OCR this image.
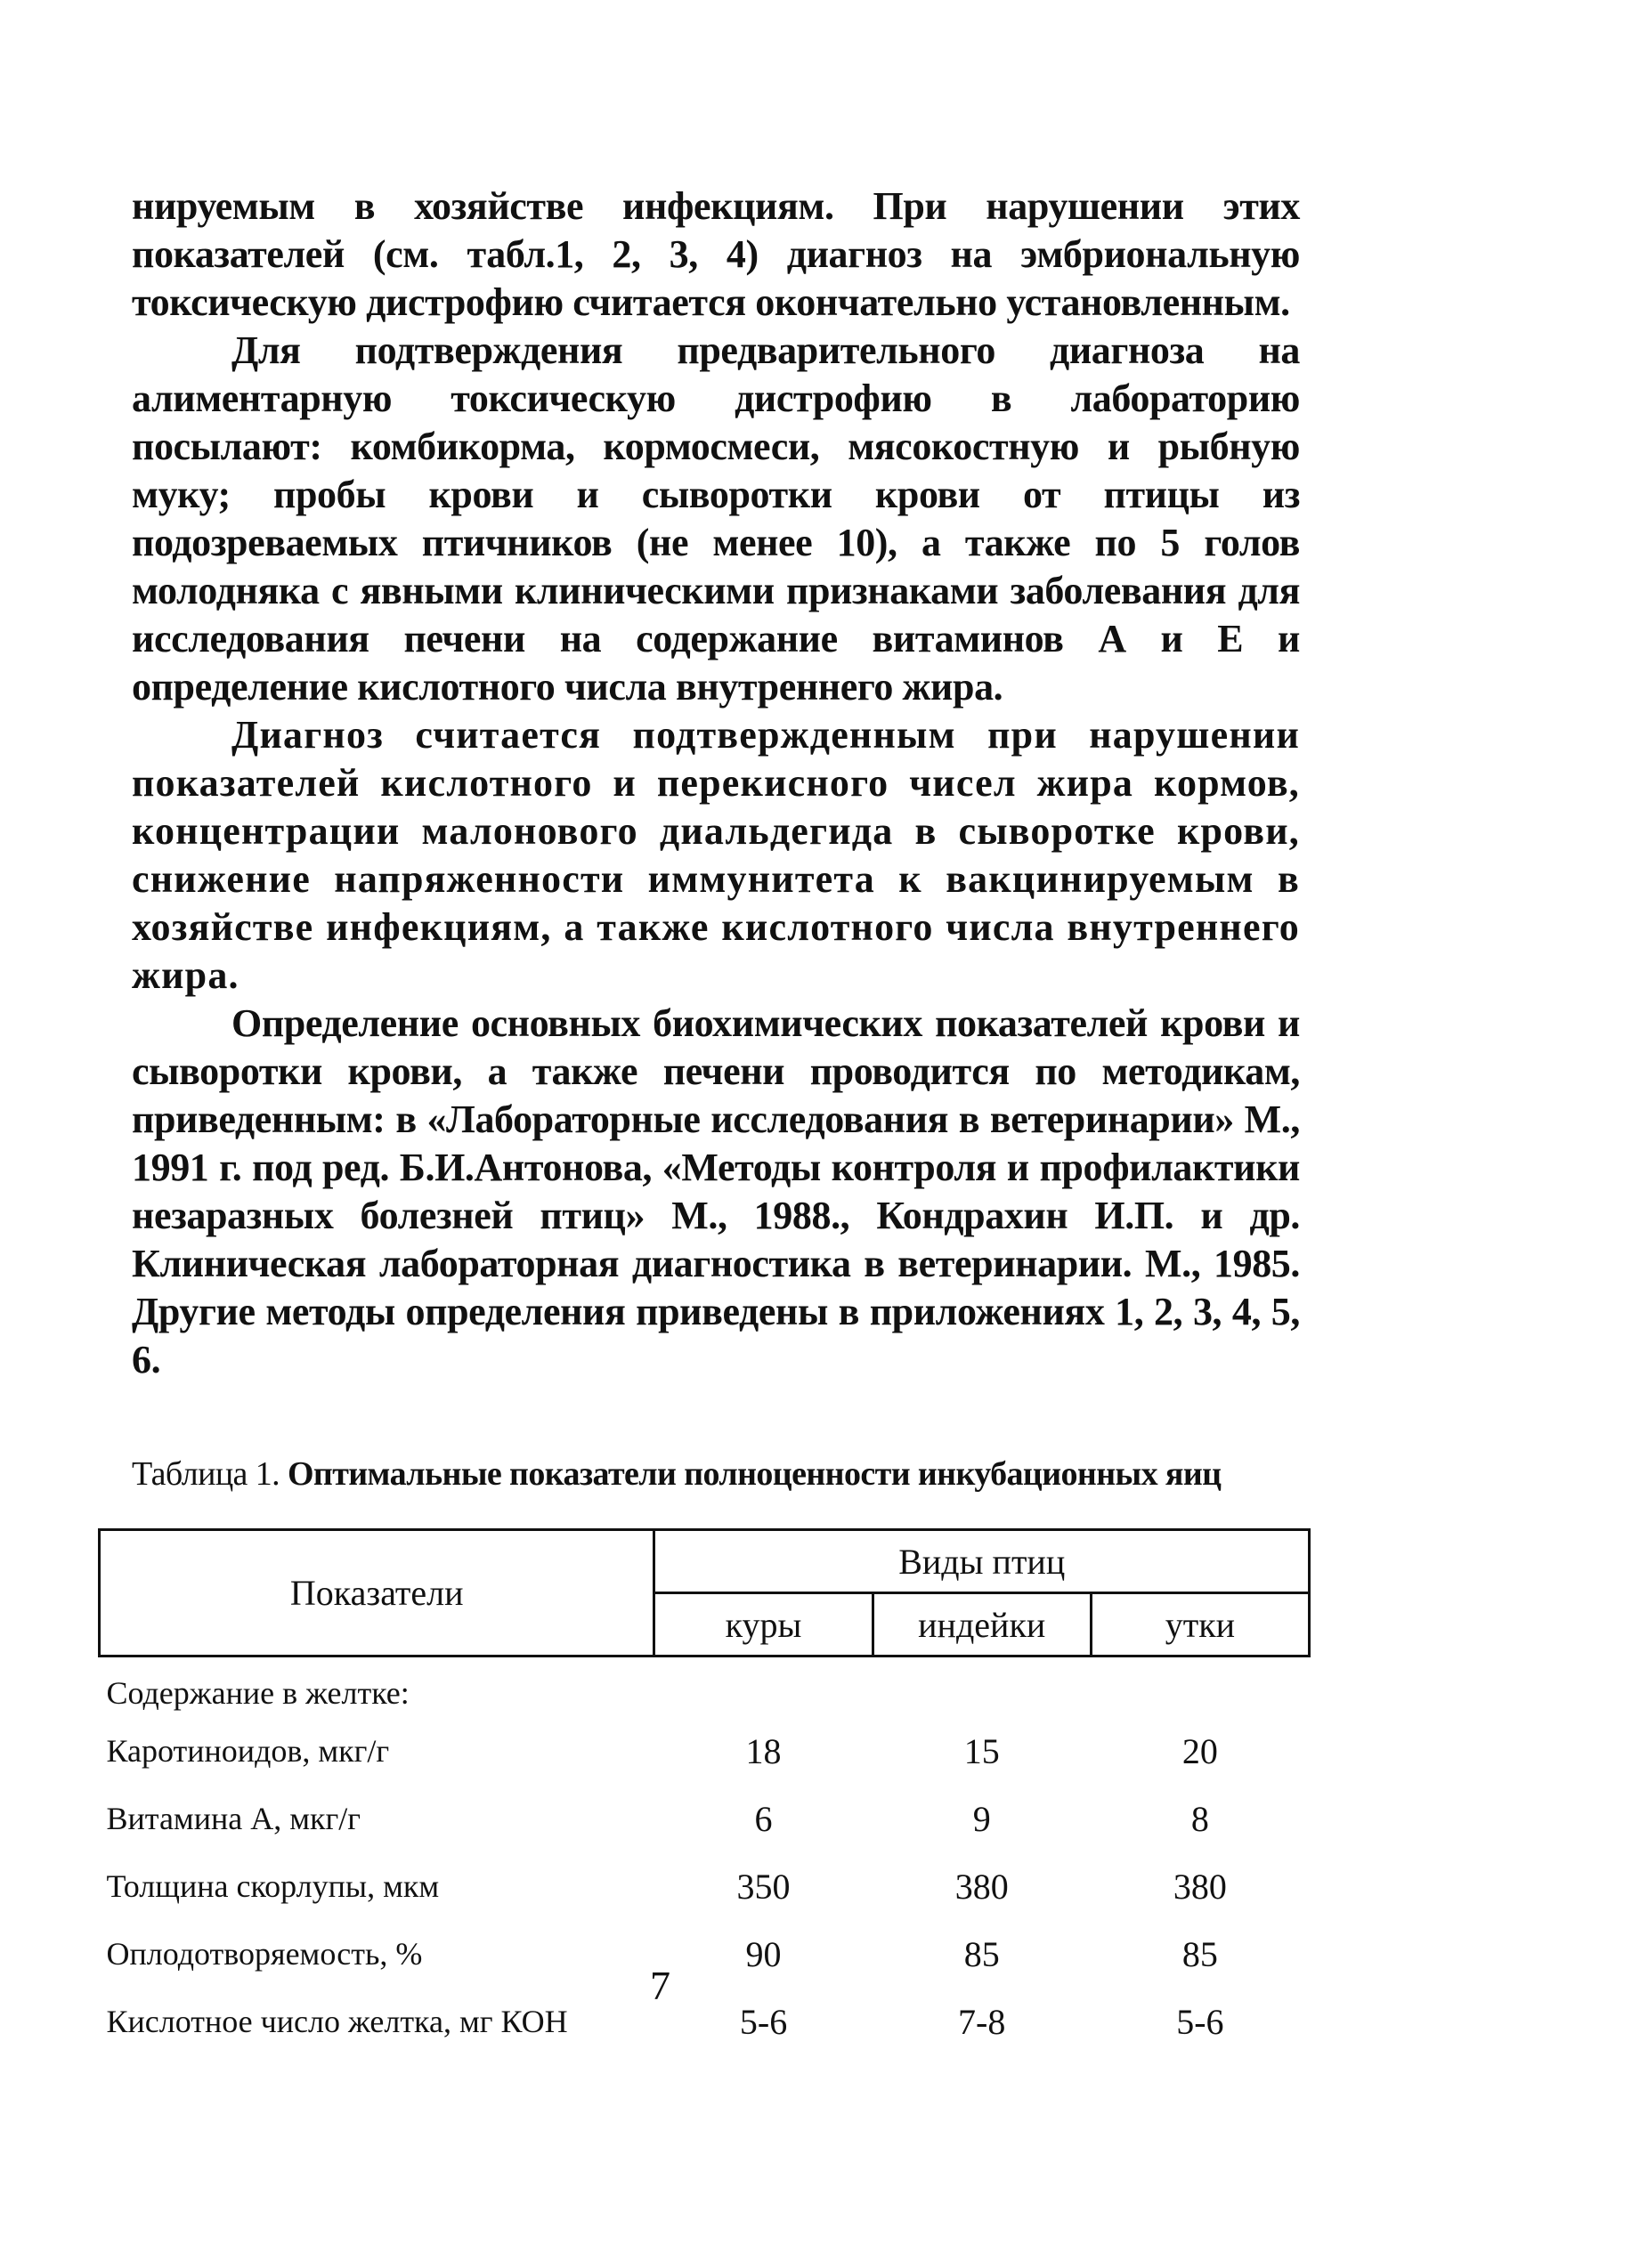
нируемым в хозяйстве инфекциям. При нарушении этих показателей (см. табл.1, 2, 3, 4) диагноз на эмбриональную токсическую дистрофию считается окончательно установленным.

Для подтверждения предварительного диагноза на алиментарную токсическую дистрофию в лабораторию посылают: комбикорма, кормосмеси, мясокостную и рыбную муку; пробы крови и сыворотки крови от птицы из подозреваемых птичников (не менее 10), а также по 5 голов молодняка с явными клиническими признаками заболевания для исследования печени на содержание витаминов А и Е и определение кислотного числа внутреннего жира.

Диагноз считается подтвержденным при нарушении показателей кислотного и перекисного чисел жира кормов, концентрации малонового диальдегида в сыворотке крови, снижение напряженности иммунитета к вакцинируемым в хозяйстве инфекциям, а также кислотного числа внутреннего жира.

Определение основных биохимических показателей крови и сыворотки крови, а также печени проводится по методикам, приведенным: в «Лабораторные исследования в ветеринарии» М., 1991 г. под ред. Б.И.Антонова, «Методы контроля и профилактики незаразных болезней птиц» М., 1988., Кондрахин И.П. и др. Клиническая лабораторная диагностика в ветеринарии. М., 1985. Другие методы определения приведены в приложениях 1, 2, 3, 4, 5, 6.

Таблица 1. Оптимальные показатели полноценности инкубационных яиц
Показатели	Виды птиц		
	куры	индейки	утки
Содержание в желтке:			
Каротиноидов, мкг/г	18	15	20
Витамина А, мкг/г	6	9	8
Толщина скорлупы, мкм	350	380	380
Оплодотворяемость, %	90	85	85
Кислотное число желтка, мг КОН	5-6	7-8	5-6
7
